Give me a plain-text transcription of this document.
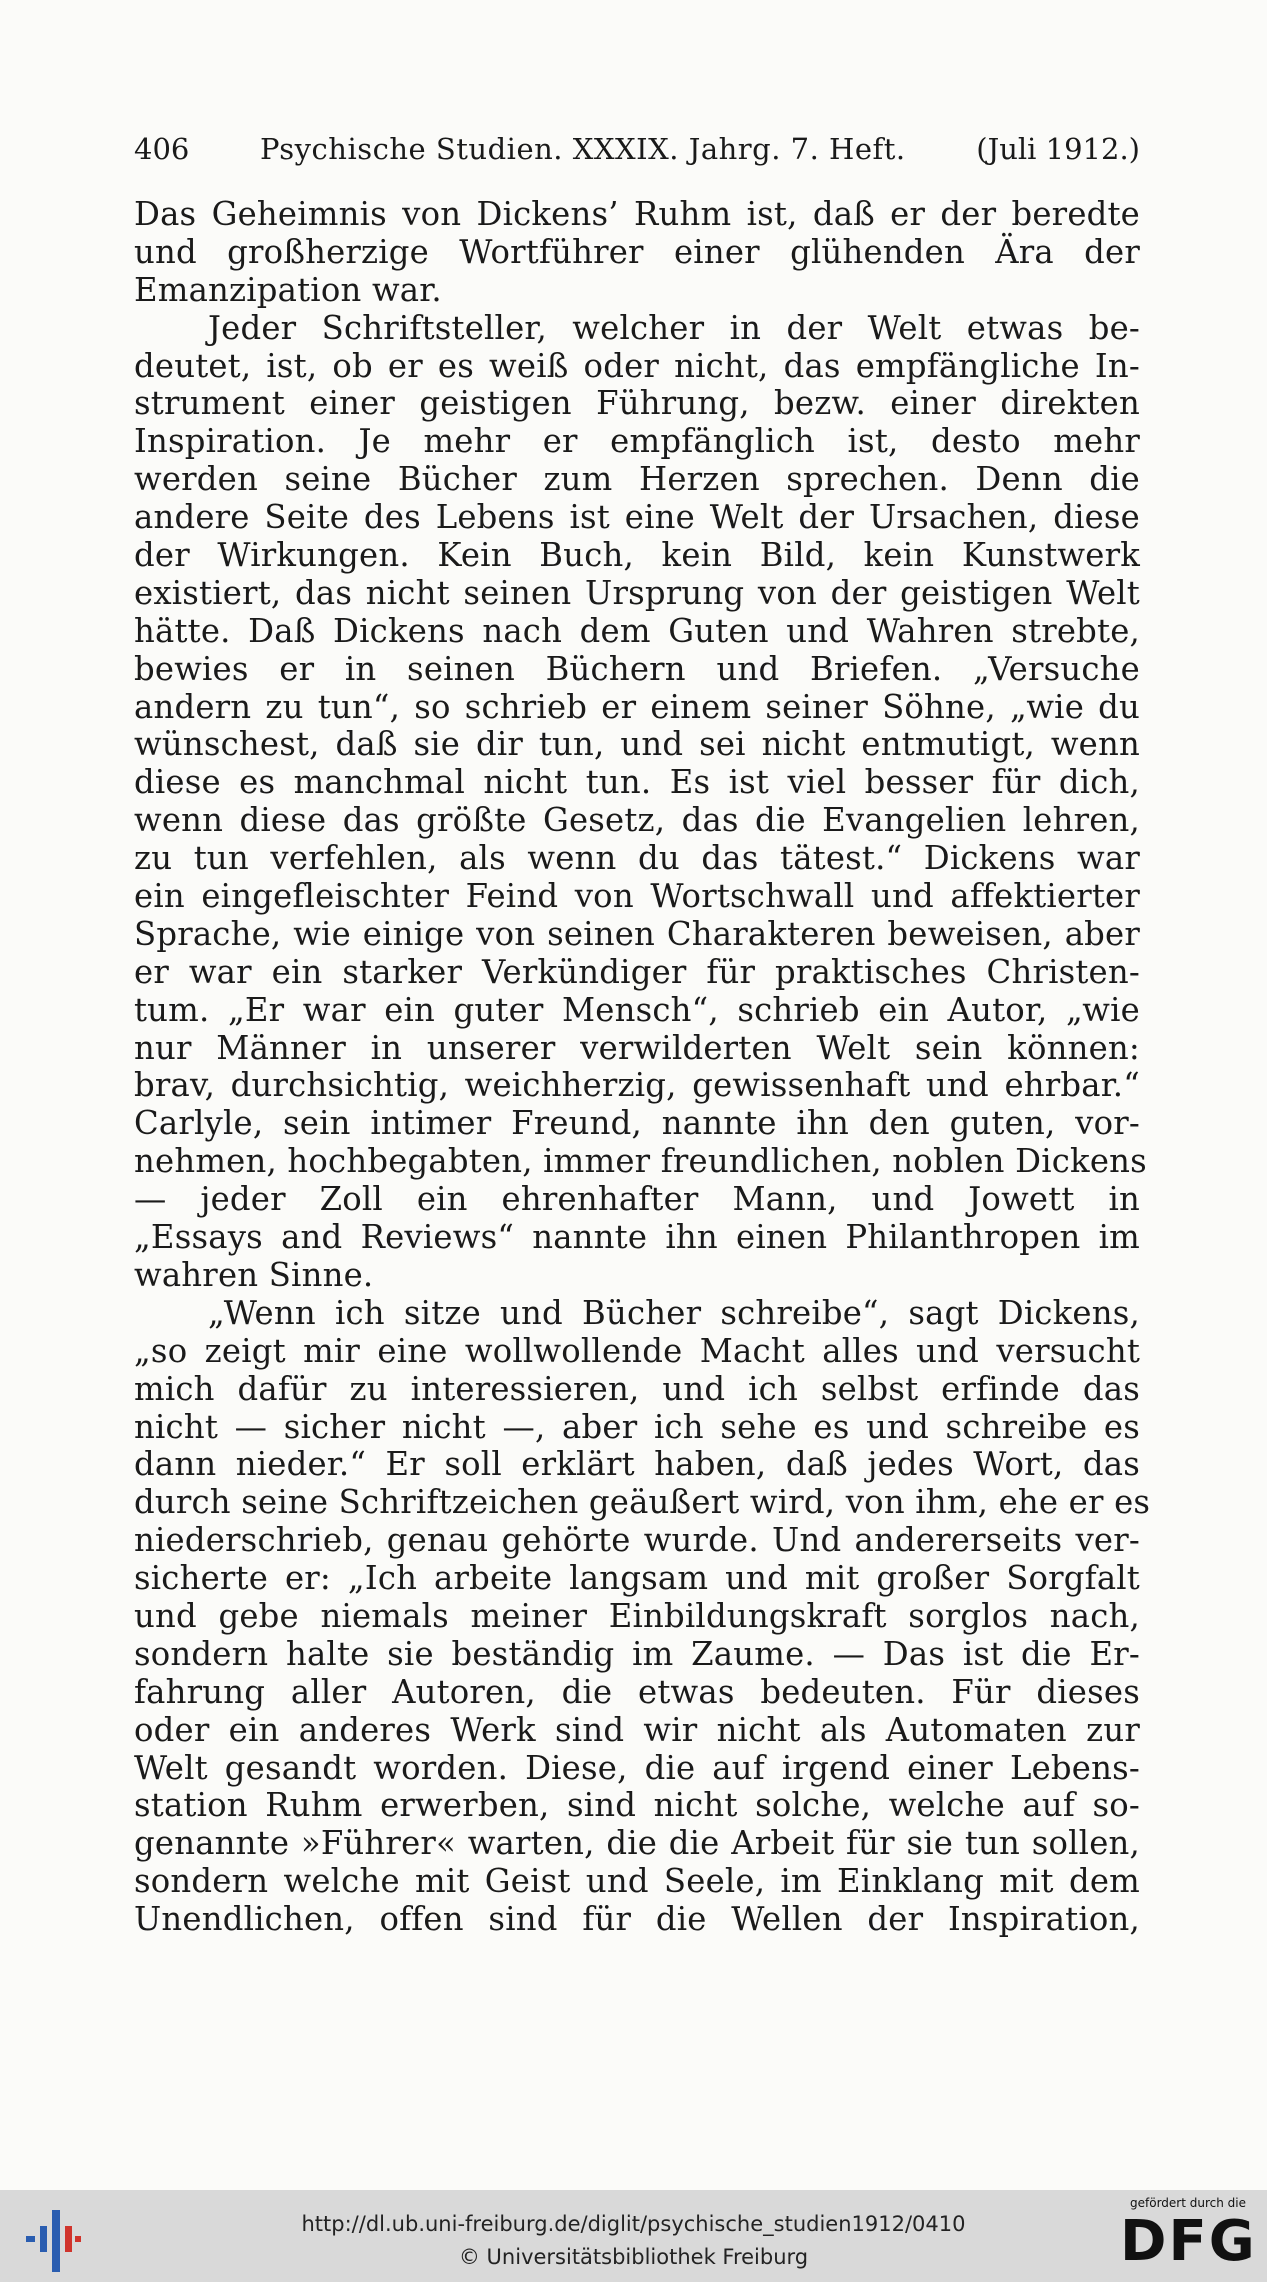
406 Psychische Studien. XXXIX. Jahrg. 7. Heft. (Juli 1912.)
Das Geheimnis von Dickens’ Ruhm ist, daß er der beredte
und großherzige Wortführer einer glühenden Ära der
Emanzipation war.
Jeder Schriftsteller, welcher in der Welt etwas be-
deutet, ist, ob er es weiß oder nicht, das empfängliche In-
strument einer geistigen Führung, bezw. einer direkten
Inspiration. Je mehr er empfänglich ist, desto mehr
werden seine Bücher zum Herzen sprechen. Denn die
andere Seite des Lebens ist eine Welt der Ursachen, diese
der Wirkungen. Kein Buch, kein Bild, kein Kunstwerk
existiert, das nicht seinen Ursprung von der geistigen Welt
hätte. Daß Dickens nach dem Guten und Wahren strebte,
bewies er in seinen Büchern und Briefen. „Versuche
andern zu tun“, so schrieb er einem seiner Söhne, „wie du
wünschest, daß sie dir tun, und sei nicht entmutigt, wenn
diese es manchmal nicht tun. Es ist viel besser für dich,
wenn diese das größte Gesetz, das die Evangelien lehren,
zu tun verfehlen, als wenn du das tätest.“ Dickens war
ein eingefleischter Feind von Wortschwall und affektierter
Sprache, wie einige von seinen Charakteren beweisen, aber
er war ein starker Verkündiger für praktisches Christen-
tum. „Er war ein guter Mensch“, schrieb ein Autor, „wie
nur Männer in unserer verwilderten Welt sein können:
brav, durchsichtig, weichherzig, gewissenhaft und ehrbar.“
Carlyle, sein intimer Freund, nannte ihn den guten, vor-
nehmen, hochbegabten, immer freundlichen, noblen Dickens
— jeder Zoll ein ehrenhafter Mann, und Jowett in
„Essays and Reviews“ nannte ihn einen Philanthropen im
wahren Sinne.
„Wenn ich sitze und Bücher schreibe“, sagt Dickens,
„so zeigt mir eine wollwollende Macht alles und versucht
mich dafür zu interessieren, und ich selbst erfinde das
nicht — sicher nicht —, aber ich sehe es und schreibe es
dann nieder.“ Er soll erklärt haben, daß jedes Wort, das
durch seine Schriftzeichen geäußert wird, von ihm, ehe er es
niederschrieb, genau gehörte wurde. Und andererseits ver-
sicherte er: „Ich arbeite langsam und mit großer Sorgfalt
und gebe niemals meiner Einbildungskraft sorglos nach,
sondern halte sie beständig im Zaume. — Das ist die Er-
fahrung aller Autoren, die etwas bedeuten. Für dieses
oder ein anderes Werk sind wir nicht als Automaten zur
Welt gesandt worden. Diese, die auf irgend einer Lebens-
station Ruhm erwerben, sind nicht solche, welche auf so-
genannte »Führer« warten, die die Arbeit für sie tun sollen,
sondern welche mit Geist und Seele, im Einklang mit dem
Unendlichen, offen sind für die Wellen der Inspiration,
http://dl.ub.uni-freiburg.de/diglit/psychische_studien1912/0410
© Universitätsbibliothek Freiburg
gefördert durch die
DFG
